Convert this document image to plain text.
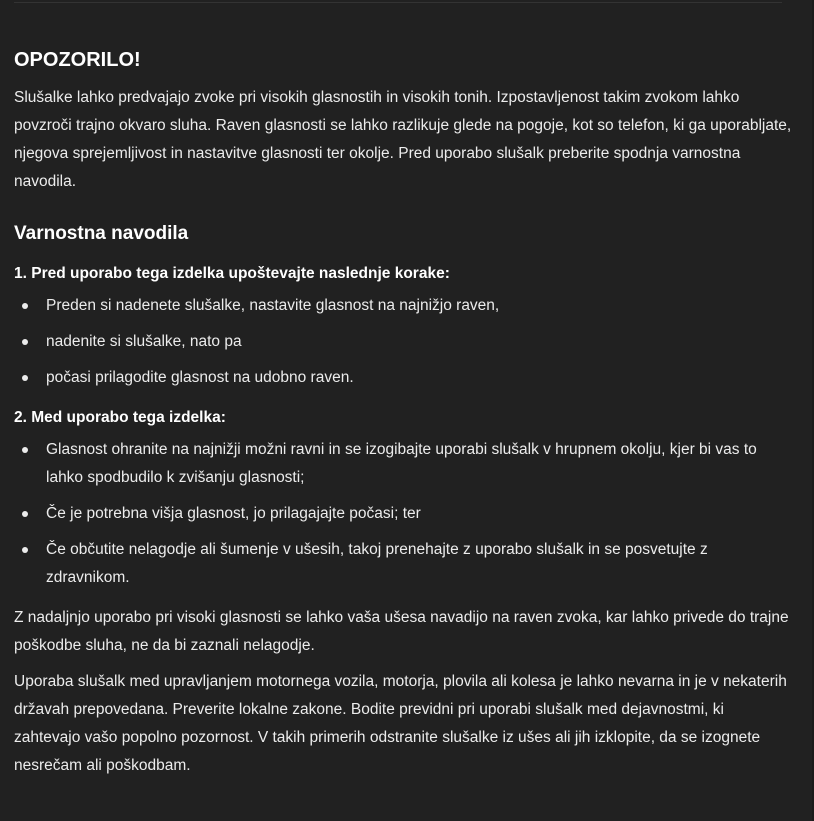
OPOZORILO!

Slušalke lahko predvajajo zvoke pri visokih glasnostih in visokih tonih. Izpostavljenost takim zvokom lahko povzroči trajno okvaro sluha. Raven glasnosti se lahko razlikuje glede na pogoje, kot so telefon, ki ga uporabljate, njegova sprejemljivost in nastavitve glasnosti ter okolje. Pred uporabo slušalk preberite spodnja varnostna navodila.

Varnostna navodila
1. Pred uporabo tega izdelka upoštevajte naslednje korake:
Preden si nadenete slušalke, nastavite glasnost na najnižjo raven,
nadenite si slušalke, nato pa
počasi prilagodite glasnost na udobno raven.
2. Med uporabo tega izdelka:
Glasnost ohranite na najnižji možni ravni in se izogibajte uporabi slušalk v hrupnem okolju, kjer bi vas to lahko spodbudilo k zvišanju glasnosti;
Če je potrebna višja glasnost, jo prilagajajte počasi; ter
Če občutite nelagodje ali šumenje v ušesih, takoj prenehajte z uporabo slušalk in se posvetujte z zdravnikom.

Z nadaljnjo uporabo pri visoki glasnosti se lahko vaša ušesa navadijo na raven zvoka, kar lahko privede do trajne poškodbe sluha, ne da bi zaznali nelagodje.

Uporaba slušalk med upravljanjem motornega vozila, motorja, plovila ali kolesa je lahko nevarna in je v nekaterih državah prepovedana. Preverite lokalne zakone. Bodite previdni pri uporabi slušalk med dejavnostmi, ki zahtevajo vašo popolno pozornost. V takih primerih odstranite slušalke iz ušes ali jih izklopite, da se izognete nesrečam ali poškodbam.
